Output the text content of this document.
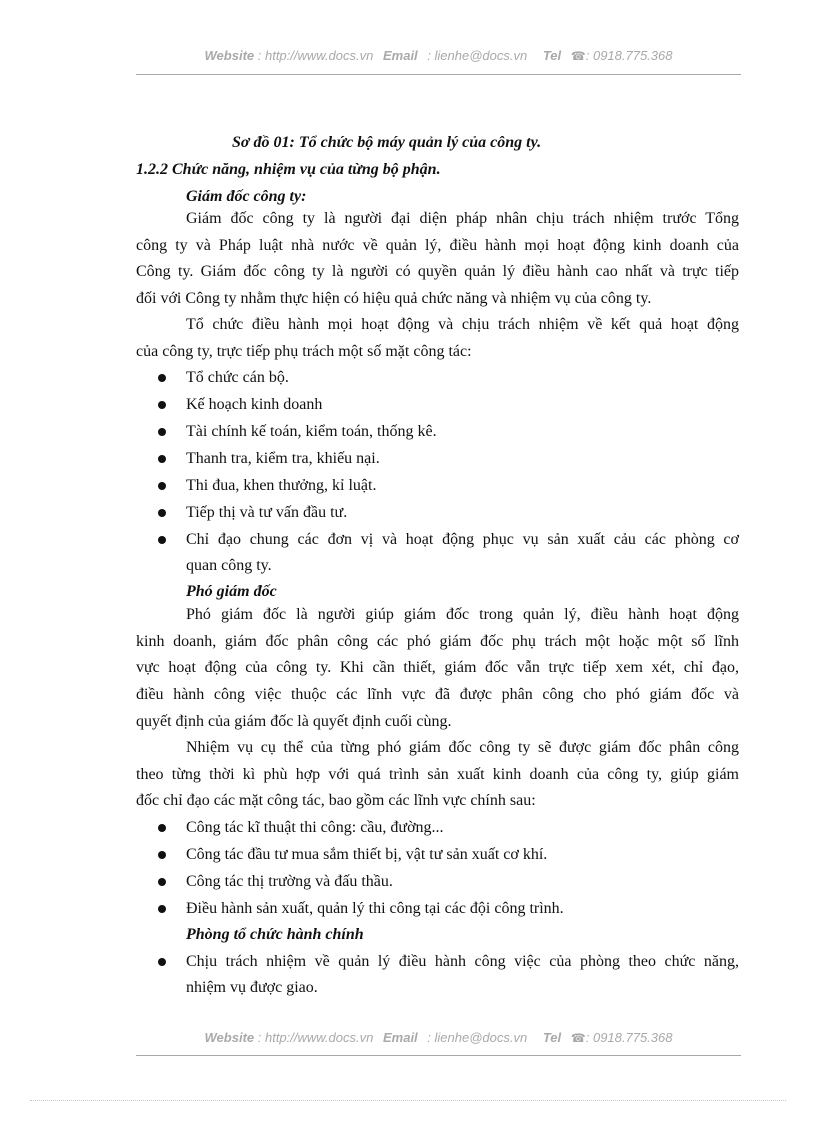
Website : http://www.docs.vn Email : lienhe@docs.vn Tel ☎: 0918.775.368
Sơ đồ 01: Tổ chức bộ máy quản lý của công ty.
1.2.2 Chức năng, nhiệm vụ của từng bộ phận.
Giám đốc công ty:
Giám đốc công ty là người đại diện pháp nhân chịu trách nhiệm trước Tổng
công ty và Pháp luật nhà nước về quản lý, điều hành mọi hoạt động kinh doanh của
Công ty. Giám đốc công ty là người có quyền quản lý điều hành cao nhất và trực tiếp
đối với Công ty nhằm thực hiện có hiệu quả chức năng và nhiệm vụ của công ty.
Tổ chức điều hành mọi hoạt động và chịu trách nhiệm về kết quả hoạt động
của công ty, trực tiếp phụ trách một số mặt công tác:
Tổ chức cán bộ.
Kế hoạch kinh doanh
Tài chính kế toán, kiểm toán, thống kê.
Thanh tra, kiểm tra, khiếu nại.
Thi đua, khen thưởng, kỉ luật.
Tiếp thị và tư vấn đầu tư.
Chỉ đạo chung các đơn vị và hoạt động phục vụ sản xuất cảu các phòng cơ
quan công ty.
Phó giám đốc
Phó giám đốc là người giúp giám đốc trong quản lý, điều hành hoạt động
kinh doanh, giám đốc phân công các phó giám đốc phụ trách một hoặc một số lĩnh
vực hoạt động của công ty. Khi cần thiết, giám đốc vẫn trực tiếp xem xét, chỉ đạo,
điều hành công việc thuộc các lĩnh vực đã được phân công cho phó giám đốc và
quyết định của giám đốc là quyết định cuối cùng.
Nhiệm vụ cụ thể của từng phó giám đốc công ty sẽ được giám đốc phân công
theo từng thời kì phù hợp với quá trình sản xuất kinh doanh của công ty, giúp giám
đốc chỉ đạo các mặt công tác, bao gồm các lĩnh vực chính sau:
Công tác kĩ thuật thi công: cầu, đường...
Công tác đầu tư mua sắm thiết bị, vật tư sản xuất cơ khí.
Công tác thị trường và đấu thầu.
Điều hành sản xuất, quản lý thi công tại các đội công trình.
Phòng tổ chức hành chính
Chịu trách nhiệm về quản lý điều hành công việc của phòng theo chức năng,
nhiệm vụ được giao.
Website : http://www.docs.vn Email : lienhe@docs.vn Tel ☎: 0918.775.368
